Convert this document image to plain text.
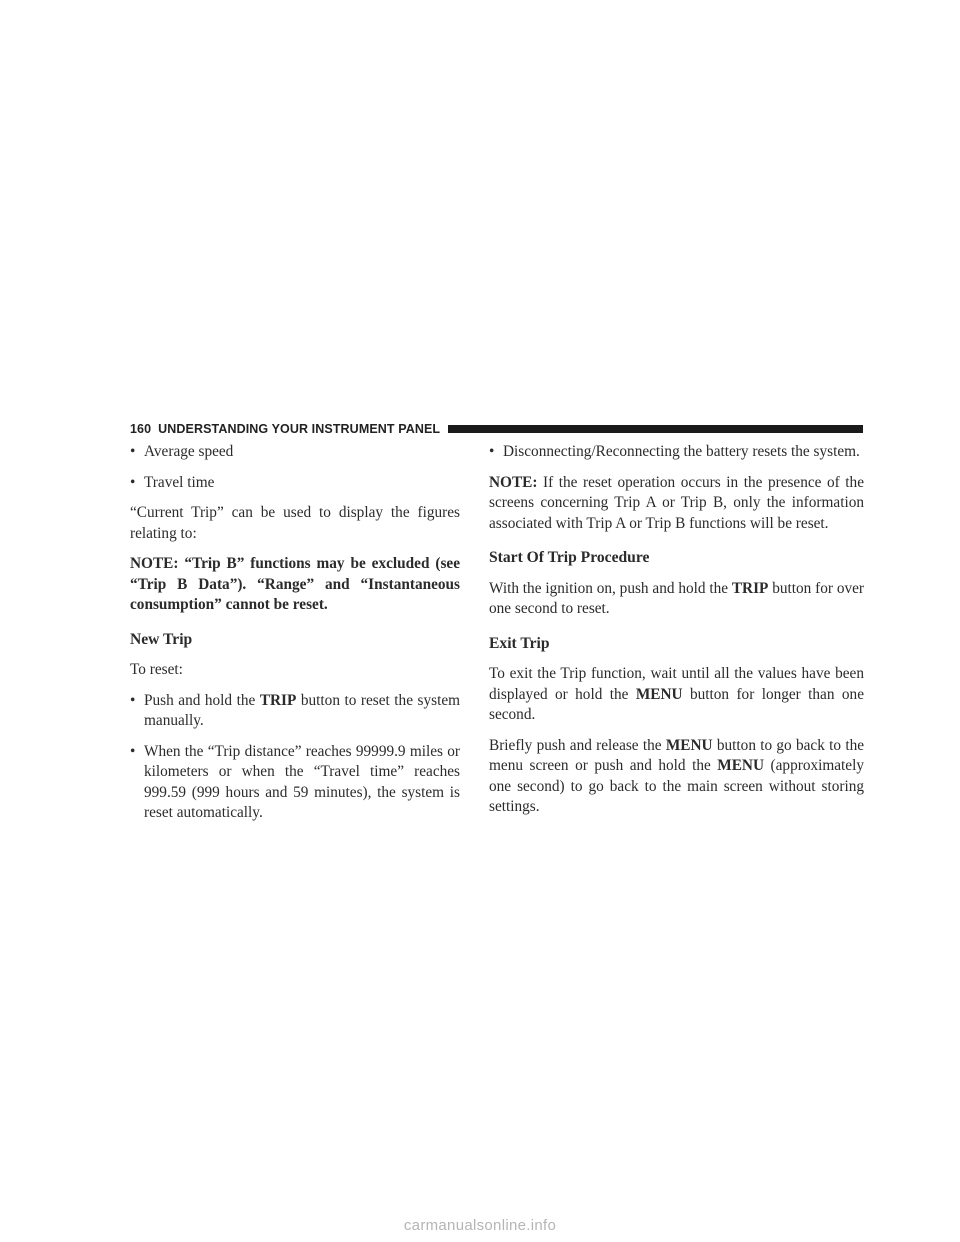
160 UNDERSTANDING YOUR INSTRUMENT PANEL
• Average speed
• Travel time

“Current Trip” can be used to display the figures relating to:

NOTE: “Trip B” functions may be excluded (see “Trip B Data”). “Range” and “Instantaneous consumption” cannot be reset.

New Trip

To reset:

• Push and hold the TRIP button to reset the system manually.
• When the “Trip distance” reaches 99999.9 miles or kilometers or when the “Travel time” reaches 999.59 (999 hours and 59 minutes), the system is reset automatically.
• Disconnecting/Reconnecting the battery resets the system.

NOTE: If the reset operation occurs in the presence of the screens concerning Trip A or Trip B, only the information associated with Trip A or Trip B functions will be reset.

Start Of Trip Procedure

With the ignition on, push and hold the TRIP button for over one second to reset.

Exit Trip

To exit the Trip function, wait until all the values have been displayed or hold the MENU button for longer than one second.

Briefly push and release the MENU button to go back to the menu screen or push and hold the MENU (approximately one second) to go back to the main screen without storing settings.

carmanualsonline.info
